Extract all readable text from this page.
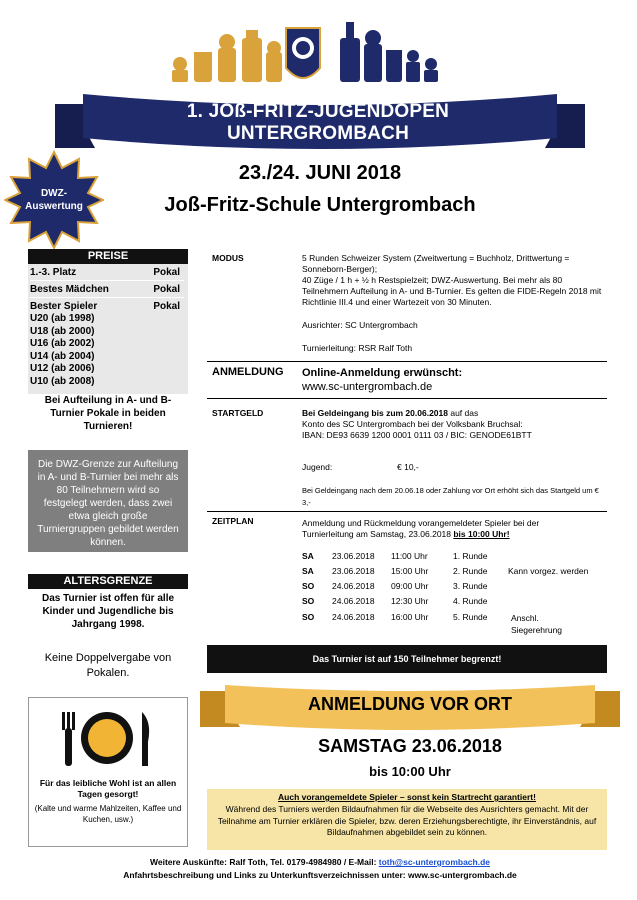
1. JOß-FRITZ-JUGENDOPEN UNTERGROMBACH
DWZ-
Auswertung
23./24. JUNI 2018
Joß-Fritz-Schule Untergrombach
PREISE
1.-3. Platz	Pokal
Bestes Mädchen	Pokal
Bester Spieler	Pokal
U20 (ab 1998)
U18 (ab 2000)
U16 (ab 2002)
U14 (ab 2004)
U12 (ab 2006)
U10 (ab 2008)
Bei Aufteilung in A- und B-Turnier Pokale in beiden Turnieren!
Die DWZ-Grenze zur Aufteilung in A- und B-Turnier bei mehr als 80 Teilnehmern wird so festgelegt werden, dass zwei etwa gleich große Turniergruppen gebildet werden können.
ALTERSGRENZE
Das Turnier ist offen für alle Kinder und Jugendliche bis Jahrgang 1998.
Keine Doppelvergabe von Pokalen.
Für das leibliche Wohl ist an allen Tagen gesorgt!
(Kalte und warme Mahlzeiten, Kaffee und Kuchen, usw.)
MODUS	5 Runden Schweizer System (Zweitwertung = Buchholz, Drittwertung = Sonneborn-Berger);
40 Züge / 1 h + ½ h Restspielzeit; DWZ-Auswertung. Bei mehr als 80 Teilnehmern Aufteilung in A- und B-Turnier. Es gelten die FIDE-Regeln 2018 mit Richtlinie III.4 und einer Wartezeit von 30 Minuten.
Ausrichter: SC Untergrombach
Turnierleitung: RSR Ralf Toth
ANMELDUNG Online-Anmeldung erwünscht:
www.sc-untergrombach.de
STARTGELD	Bei Geldeingang bis zum 20.06.2018 auf das
Konto des SC Untergrombach bei der Volksbank Bruchsal:
IBAN: DE93 6639 1200 0001 0111 03 / BIC: GENODE61BTT
Jugend:	€ 10,-
Bei Geldeingang nach dem 20.06.18 oder Zahlung vor Ort erhöht sich das Startgeld um € 3,-
ZEITPLAN	Anmeldung und Rückmeldung vorangemeldeter Spieler bei der
Turnierleitung am Samstag, 23.06.2018 bis 10:00 Uhr!
SA 23.06.2018 11:00 Uhr	1. Runde
SA 23.06.2018 15:00 Uhr	2. Runde Kann vorgez. werden
SO 24.06.2018 09:00 Uhr	3. Runde
SO 24.06.2018 12:30 Uhr	4. Runde
SO 24.06.2018 16:00 Uhr	5. Runde	Anschl. Siegerehrung
Das Turnier ist auf 150 Teilnehmer begrenzt!
ANMELDUNG VOR ORT
SAMSTAG 23.06.2018
bis 10:00 Uhr
Auch vorangemeldete Spieler – sonst kein Startrecht garantiert!
Während des Turniers werden Bildaufnahmen für die Webseite des Ausrichters gemacht. Mit der Teilnahme am Turnier erklären die Spieler, bzw. deren Erziehungsberechtigte, ihr Einverständnis, auf Bildaufnahmen abgebildet sein zu können.
Weitere Auskünfte: Ralf Toth, Tel. 0179-4984980 / E-Mail: toth@sc-untergrombach.de
Anfahrtsbeschreibung und Links zu Unterkunftsverzeichnissen unter: www.sc-untergrombach.de
